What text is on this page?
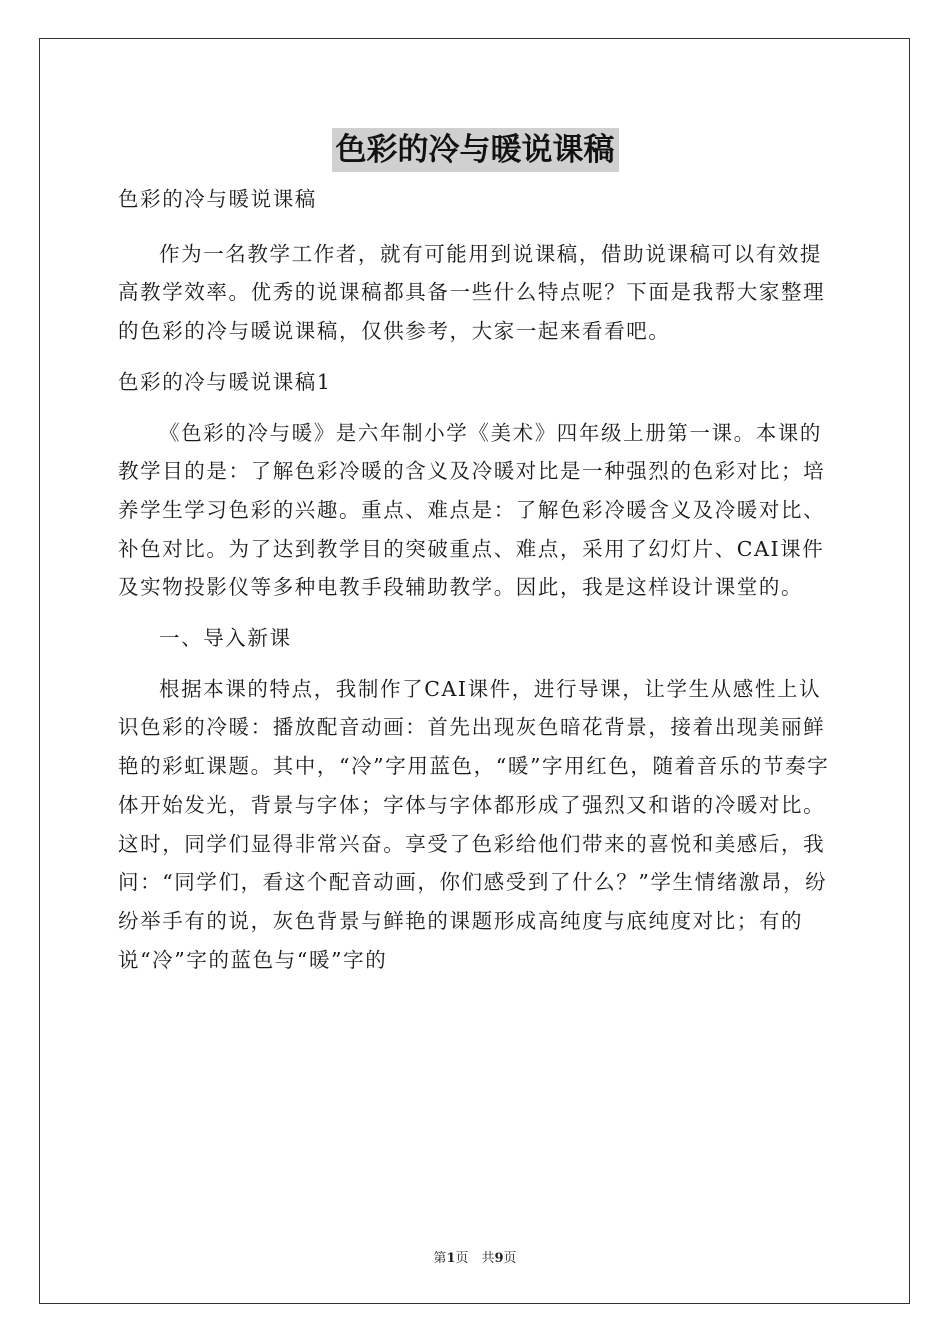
色彩的冷与暖说课稿

色彩的冷与暖说课稿

作为一名教学工作者，就有可能用到说课稿，借助说课稿可以有效提高教学效率。优秀的说课稿都具备一些什么特点呢？下面是我帮大家整理的色彩的冷与暖说课稿，仅供参考，大家一起来看看吧。

色彩的冷与暖说课稿1

《色彩的冷与暖》是六年制小学《美术》四年级上册第一课。本课的教学目的是：了解色彩冷暖的含义及冷暖对比是一种强烈的色彩对比；培养学生学习色彩的兴趣。重点、难点是：了解色彩冷暖含义及冷暖对比、补色对比。为了达到教学目的突破重点、难点，采用了幻灯片、CAI课件及实物投影仪等多种电教手段辅助教学。因此，我是这样设计课堂的。

一、导入新课

根据本课的特点，我制作了CAI课件，进行导课，让学生从感性上认识色彩的冷暖：播放配音动画：首先出现灰色暗花背景，接着出现美丽鲜艳的彩虹课题。其中，“冷”字用蓝色，“暖”字用红色，随着音乐的节奏字体开始发光，背景与字体；字体与字体都形成了强烈又和谐的冷暖对比。这时，同学们显得非常兴奋。享受了色彩给他们带来的喜悦和美感后，我问：“同学们，看这个配音动画，你们感受到了什么？”学生情绪激昂，纷纷举手有的说，灰色背景与鲜艳的课题形成高纯度与底纯度对比；有的说“冷”字的蓝色与“暖”字的

第1页　共9页
